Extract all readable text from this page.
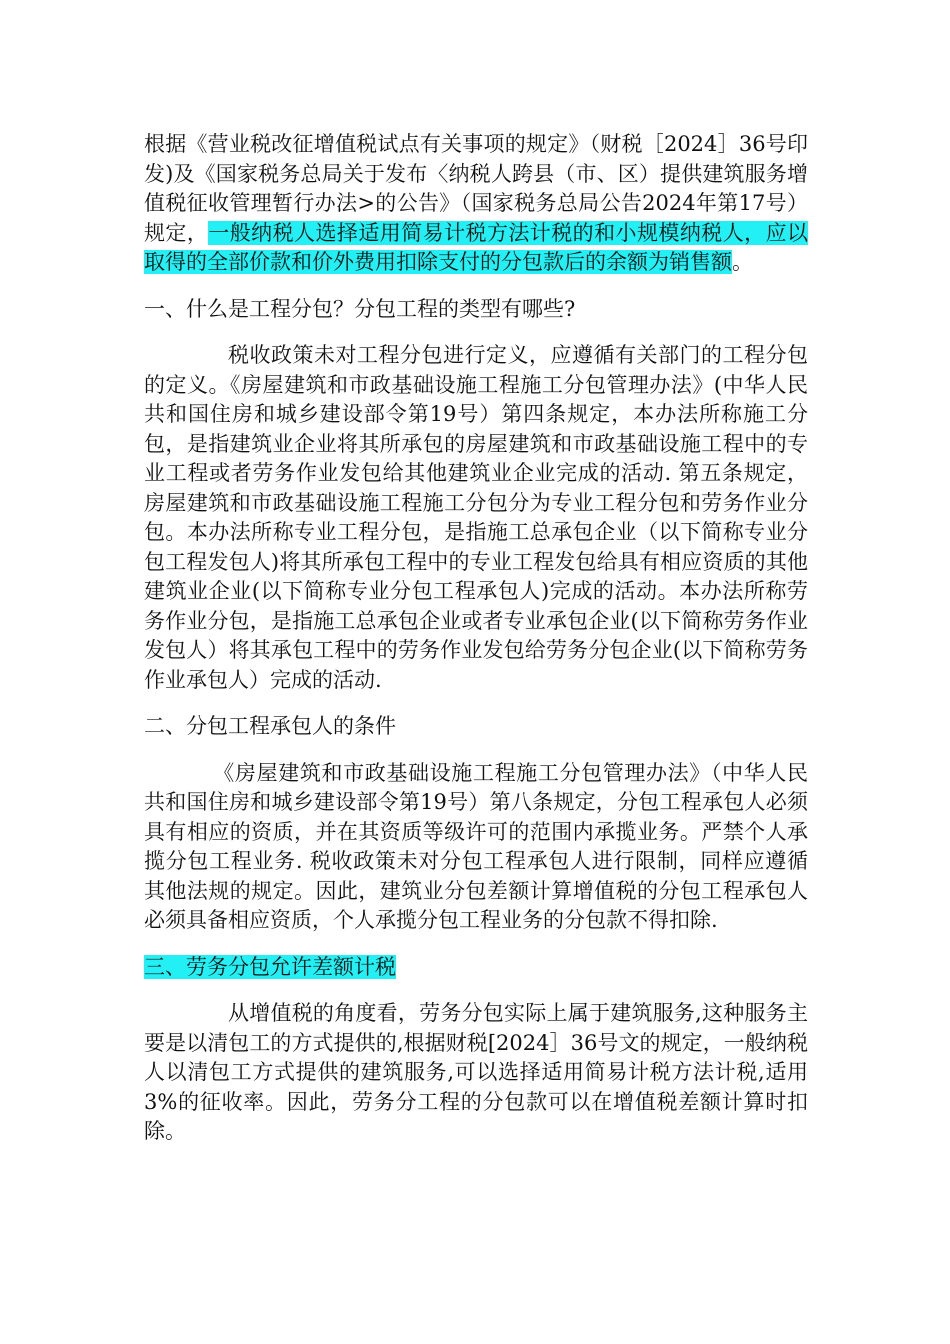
根据《营业税改征增值税试点有关事项的规定》（财税［2024］36号印发)及《国家税务总局关于发布〈纳税人跨县（市、区）提供建筑服务增值税征收管理暂行办法>的公告》（国家税务总局公告2024年第17号）规定，一般纳税人选择适用简易计税方法计税的和小规模纳税人，应以取得的全部价款和价外费用扣除支付的分包款后的余额为销售额。

一、什么是工程分包？分包工程的类型有哪些?

税收政策未对工程分包进行定义，应遵循有关部门的工程分包的定义。《房屋建筑和市政基础设施工程施工分包管理办法》(中华人民共和国住房和城乡建设部令第19号）第四条规定，本办法所称施工分包，是指建筑业企业将其所承包的房屋建筑和市政基础设施工程中的专业工程或者劳务作业发包给其他建筑业企业完成的活动. 第五条规定，房屋建筑和市政基础设施工程施工分包分为专业工程分包和劳务作业分包。本办法所称专业工程分包，是指施工总承包企业（以下简称专业分包工程发包人)将其所承包工程中的专业工程发包给具有相应资质的其他建筑业企业(以下简称专业分包工程承包人)完成的活动。本办法所称劳务作业分包，是指施工总承包企业或者专业承包企业(以下简称劳务作业发包人）将其承包工程中的劳务作业发包给劳务分包企业(以下简称劳务作业承包人）完成的活动.

二、分包工程承包人的条件

《房屋建筑和市政基础设施工程施工分包管理办法》（中华人民共和国住房和城乡建设部令第19号）第八条规定，分包工程承包人必须具有相应的资质，并在其资质等级许可的范围内承揽业务。严禁个人承揽分包工程业务. 税收政策未对分包工程承包人进行限制，同样应遵循其他法规的规定。因此，建筑业分包差额计算增值税的分包工程承包人必须具备相应资质，个人承揽分包工程业务的分包款不得扣除.

三、劳务分包允许差额计税

从增值税的角度看，劳务分包实际上属于建筑服务,这种服务主要是以清包工的方式提供的,根据财税[2024］36号文的规定，一般纳税人以清包工方式提供的建筑服务,可以选择适用简易计税方法计税,适用3%的征收率。因此，劳务分工程的分包款可以在增值税差额计算时扣除。
